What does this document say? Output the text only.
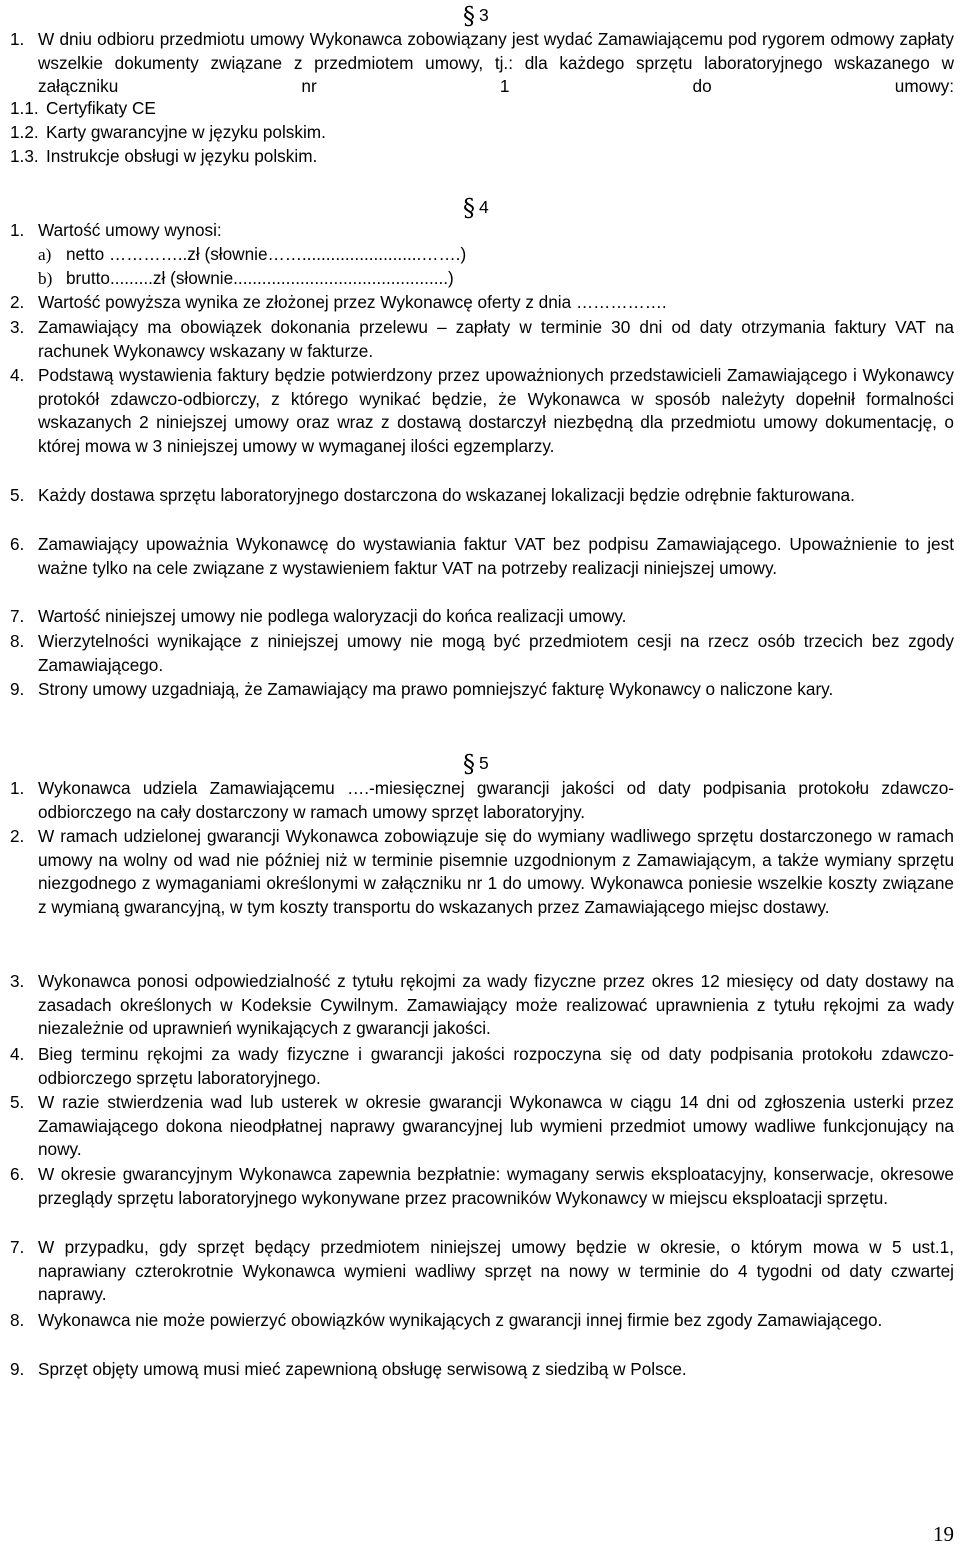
§ 3
1. W dniu odbioru przedmiotu umowy Wykonawca zobowiązany jest wydać Zamawiającemu pod rygorem odmowy zapłaty wszelkie dokumenty związane z przedmiotem umowy, tj.: dla każdego sprzętu laboratoryjnego wskazanego w załączniku nr 1 do umowy:
1.1. Certyfikaty CE
1.2. Karty gwarancyjne w języku polskim.
1.3. Instrukcje obsługi w języku polskim.
§ 4
1. Wartość umowy wynosi:
a) netto …………..zł (słownie…….........................…….)
b) brutto.........zł (słownie.............................................)
2. Wartość powyższa wynika ze złożonej przez Wykonawcę oferty z dnia …………….
3. Zamawiający ma obowiązek dokonania przelewu – zapłaty w terminie 30 dni od daty otrzymania faktury VAT na rachunek Wykonawcy wskazany w fakturze.
4. Podstawą wystawienia faktury będzie potwierdzony przez upoważnionych przedstawicieli Zamawiającego i Wykonawcy protokół zdawczo-odbiorczy, z którego wynikać będzie, że Wykonawca w sposób należyty dopełnił formalności wskazanych 2 niniejszej umowy oraz wraz z dostawą dostarczył niezbędną dla przedmiotu umowy dokumentację, o której mowa w 3 niniejszej umowy w wymaganej ilości egzemplarzy.
5. Każdy dostawa sprzętu laboratoryjnego dostarczona do wskazanej lokalizacji będzie odrębnie fakturowana.
6. Zamawiający upoważnia Wykonawcę do wystawiania faktur VAT bez podpisu Zamawiającego. Upoważnienie to jest ważne tylko na cele związane z wystawieniem faktur VAT na potrzeby realizacji niniejszej umowy.
7. Wartość niniejszej umowy nie podlega waloryzacji do końca realizacji umowy.
8. Wierzytelności wynikające z niniejszej umowy nie mogą być przedmiotem cesji na rzecz osób trzecich bez zgody Zamawiającego.
9. Strony umowy uzgadniają, że Zamawiający ma prawo pomniejszyć fakturę Wykonawcy o naliczone kary.
§ 5
1. Wykonawca udziela Zamawiającemu ….-miesięcznej gwarancji jakości od daty podpisania protokołu zdawczo-odbiorczego na cały dostarczony w ramach umowy sprzęt laboratoryjny.
2. W ramach udzielonej gwarancji Wykonawca zobowiązuje się do wymiany wadliwego sprzętu dostarczonego w ramach umowy na wolny od wad nie później niż w terminie pisemnie uzgodnionym z Zamawiającym, a także wymiany sprzętu niezgodnego z wymaganiami określonymi w załączniku nr 1 do umowy. Wykonawca poniesie wszelkie koszty związane z wymianą gwarancyjną, w tym koszty transportu do wskazanych przez Zamawiającego miejsc dostawy.
3. Wykonawca ponosi odpowiedzialność z tytułu rękojmi za wady fizyczne przez okres 12 miesięcy od daty dostawy na zasadach określonych w Kodeksie Cywilnym. Zamawiający może realizować uprawnienia z tytułu rękojmi za wady niezależnie od uprawnień wynikających z gwarancji jakości.
4. Bieg terminu rękojmi za wady fizyczne i gwarancji jakości rozpoczyna się od daty podpisania protokołu zdawczo-odbiorczego sprzętu laboratoryjnego.
5. W razie stwierdzenia wad lub usterek w okresie gwarancji Wykonawca w ciągu 14 dni od zgłoszenia usterki przez Zamawiającego dokona nieodpłatnej naprawy gwarancyjnej lub wymieni przedmiot umowy wadliwe funkcjonujący na nowy.
6. W okresie gwarancyjnym Wykonawca zapewnia bezpłatnie: wymagany serwis eksploatacyjny, konserwacje, okresowe przeglądy sprzętu laboratoryjnego wykonywane przez pracowników Wykonawcy w miejscu eksploatacji sprzętu.
7. W przypadku, gdy sprzęt będący przedmiotem niniejszej umowy będzie w okresie, o którym mowa w 5 ust.1, naprawiany czterokrotnie Wykonawca wymieni wadliwy sprzęt na nowy w terminie do 4 tygodni od daty czwartej naprawy.
8. Wykonawca nie może powierzyć obowiązków wynikających z gwarancji innej firmie bez zgody Zamawiającego.
9. Sprzęt objęty umową musi mieć zapewnioną obsługę serwisową z siedzibą w Polsce.
19
